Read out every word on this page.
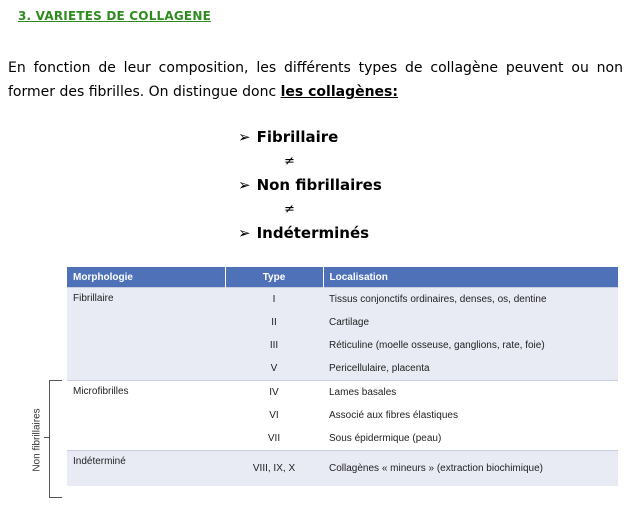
3. VARIETES DE COLLAGENE
En fonction de leur composition, les différents types de collagène peuvent ou non former des fibrilles. On distingue donc les collagènes:
➢ Fibrillaire
≠
➢ Non fibrillaires
≠
➢ Indéterminés
Morphologie	Type	Localisation
Fibrillaire	I	Tissus conjonctifs ordinaires, denses, os, dentine
	II	Cartilage
	III	Réticuline (moelle osseuse, ganglions, rate, foie)
	V	Pericellulaire, placenta
Microfibrilles	IV	Lames basales
	VI	Associé aux fibres élastiques
	VII	Sous épidermique (peau)
Indéterminé	VIII, IX, X	Collagènes « mineurs » (extraction biochimique)
Non fibrillaires
